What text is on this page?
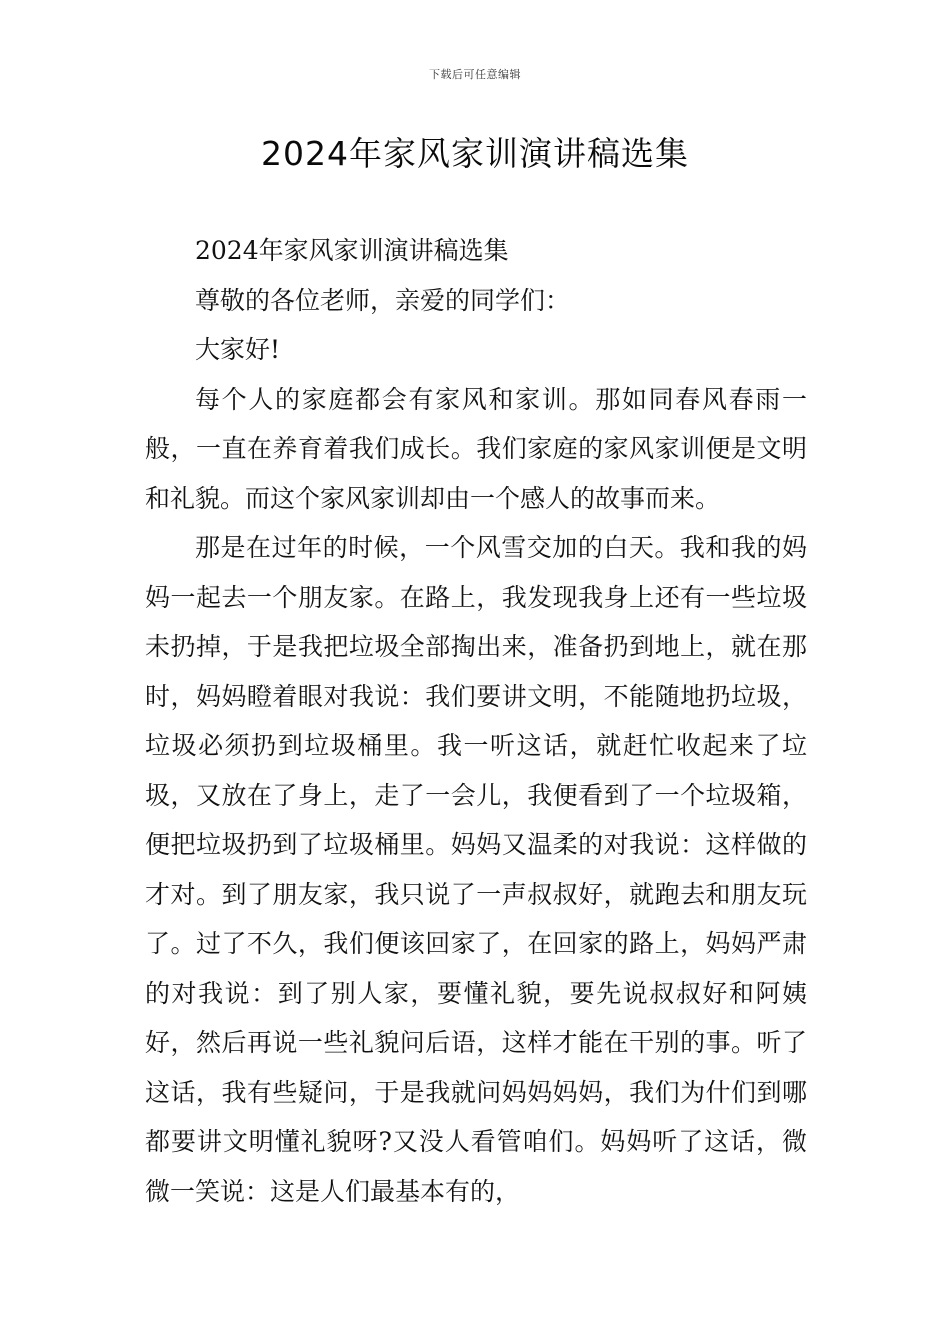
下载后可任意编辑
2024年家风家训演讲稿选集

2024年家风家训演讲稿选集

尊敬的各位老师，亲爱的同学们：

大家好!

每个人的家庭都会有家风和家训。那如同春风春雨一般，一直在养育着我们成长。我们家庭的家风家训便是文明和礼貌。而这个家风家训却由一个感人的故事而来。

那是在过年的时候，一个风雪交加的白天。我和我的妈妈一起去一个朋友家。在路上，我发现我身上还有一些垃圾未扔掉，于是我把垃圾全部掏出来，准备扔到地上，就在那时，妈妈瞪着眼对我说：我们要讲文明，不能随地扔垃圾，垃圾必须扔到垃圾桶里。我一听这话，就赶忙收起来了垃圾，又放在了身上，走了一会儿，我便看到了一个垃圾箱，便把垃圾扔到了垃圾桶里。妈妈又温柔的对我说：这样做的才对。到了朋友家，我只说了一声叔叔好，就跑去和朋友玩了。过了不久，我们便该回家了，在回家的路上，妈妈严肃的对我说：到了别人家，要懂礼貌，要先说叔叔好和阿姨好，然后再说一些礼貌问后语，这样才能在干别的事。听了这话，我有些疑问，于是我就问妈妈妈妈，我们为什们到哪都要讲文明懂礼貌呀?又没人看管咱们。妈妈听了这话，微微一笑说：这是人们最基本有的，
